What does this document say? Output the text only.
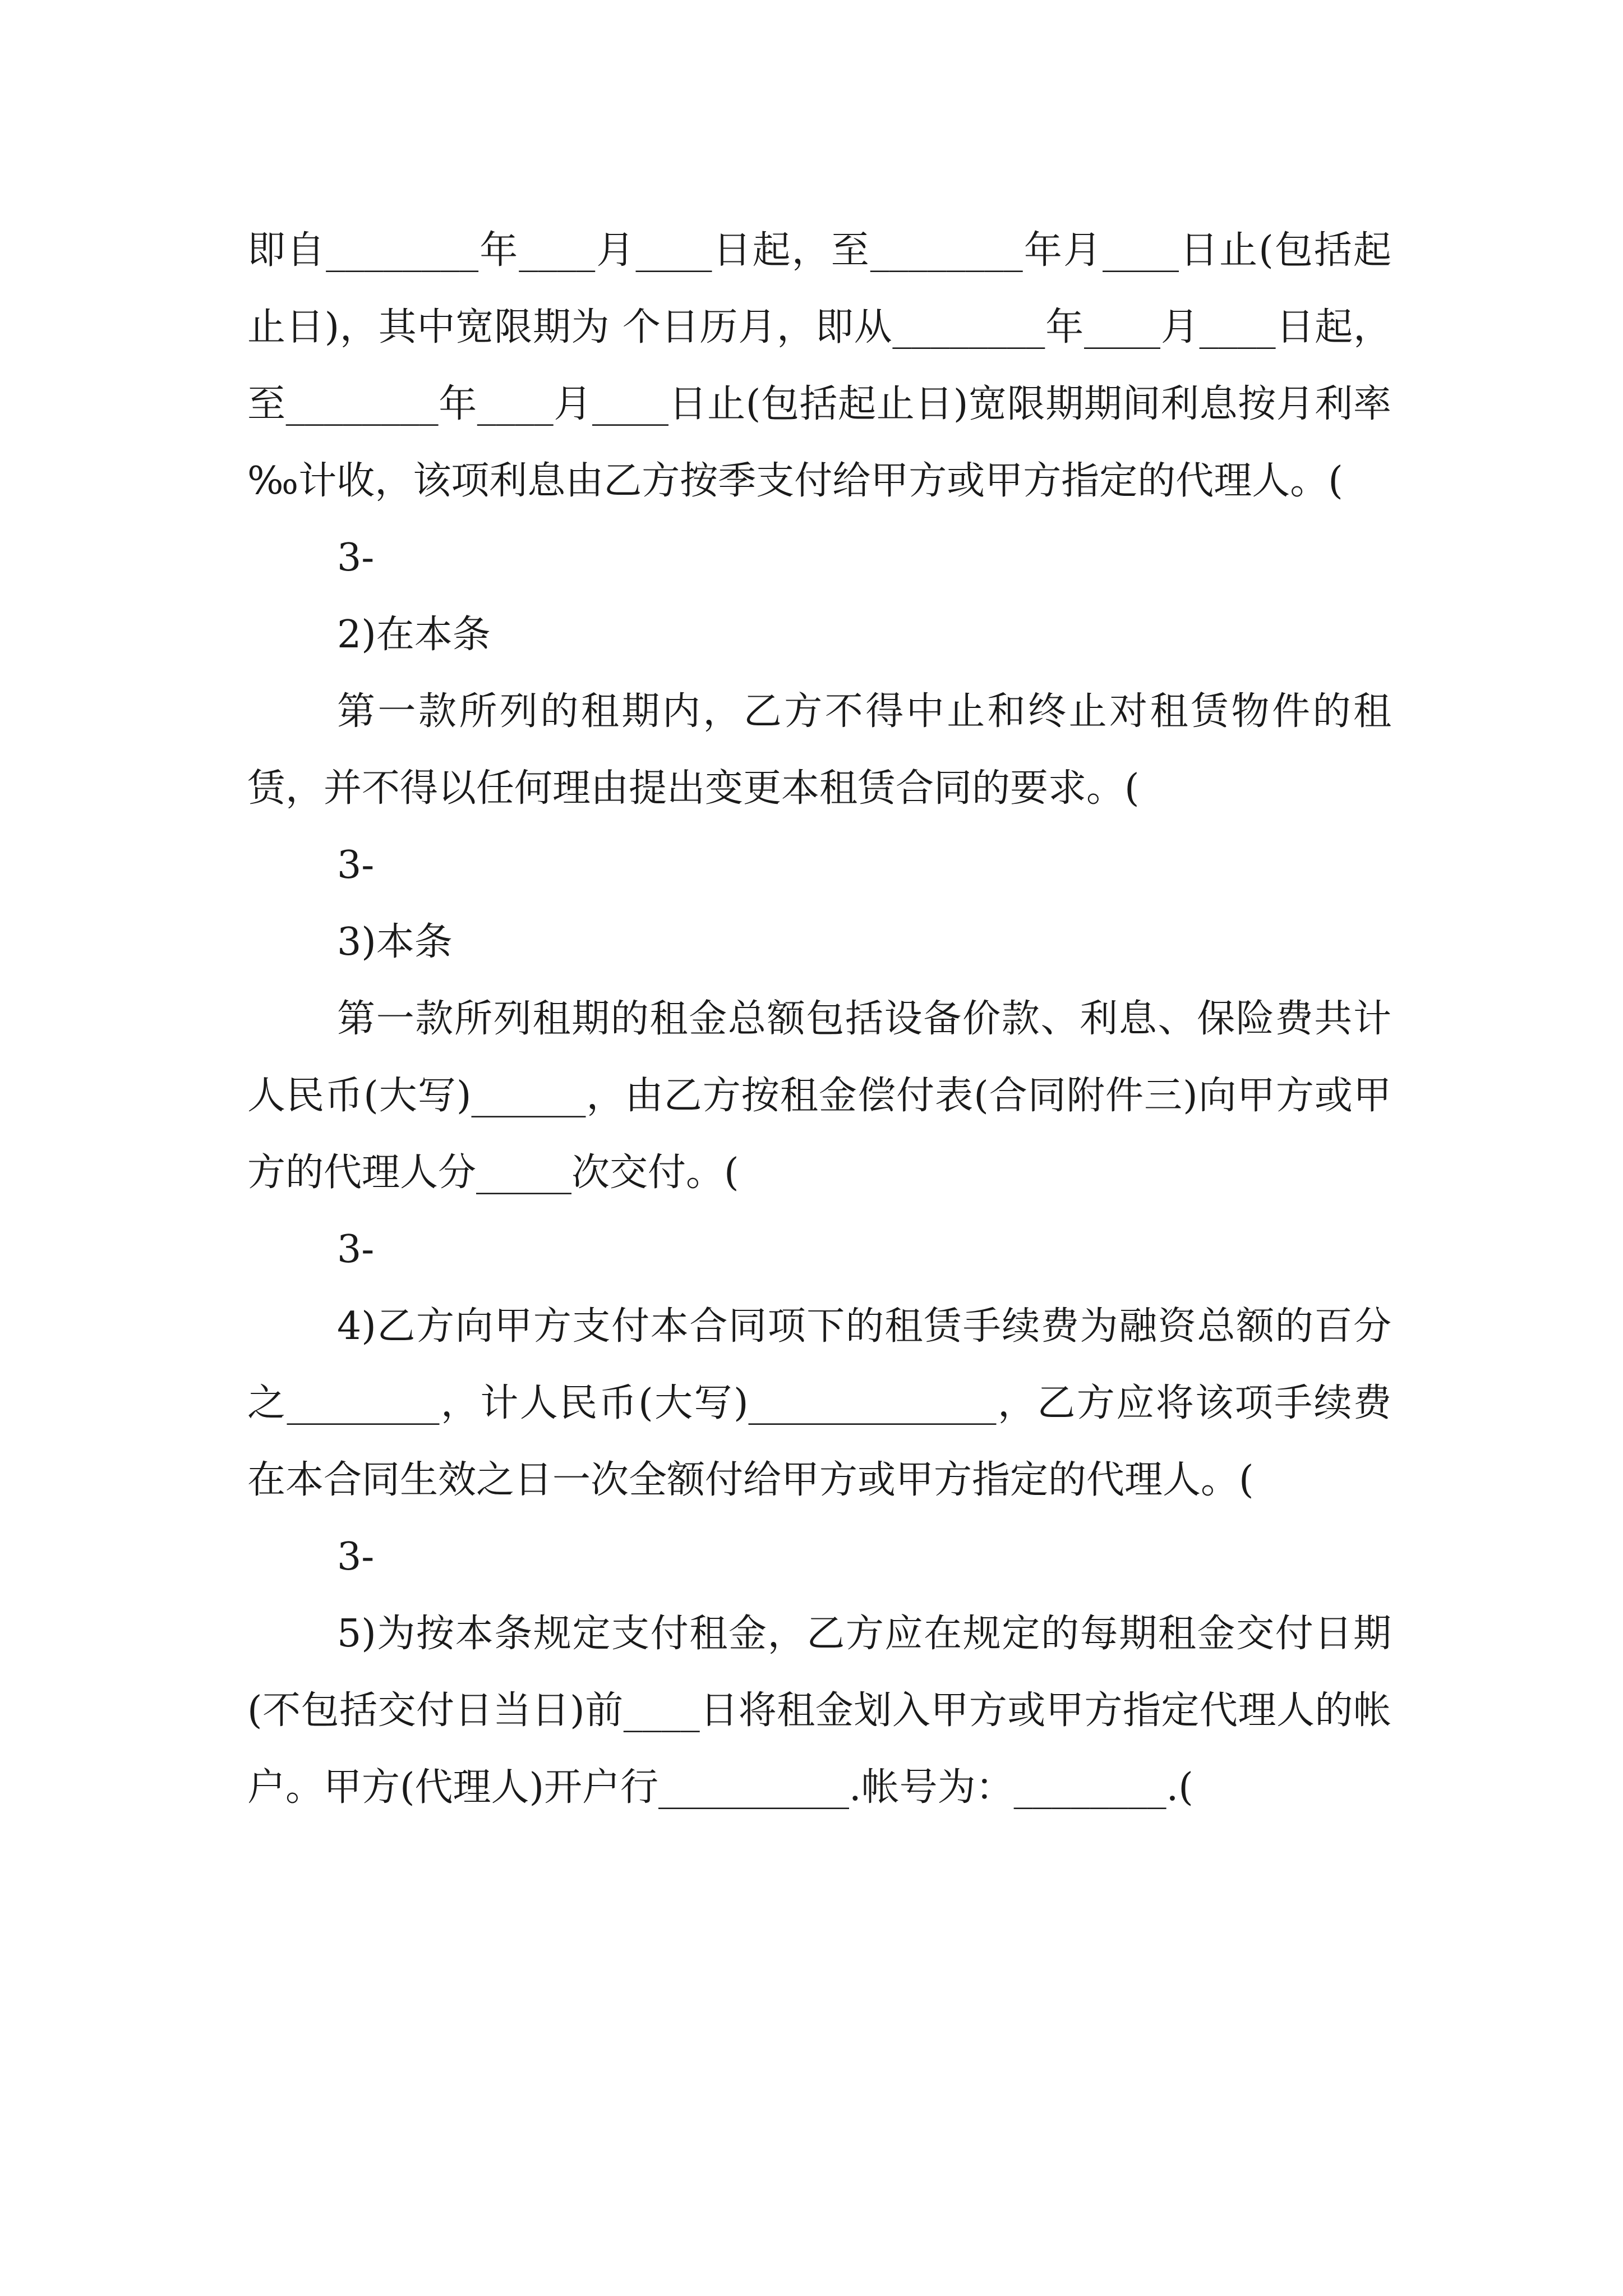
即自________年____月____日起，至________年月____日止(包括起止日)，其中宽限期为 个日历月，即从________年____月____日起，至________年____月____日止(包括起止日)宽限期期间利息按月利率 ‰计收，该项利息由乙方按季支付给甲方或甲方指定的代理人。(

3-

2)在本条

第一款所列的租期内，乙方不得中止和终止对租赁物件的租赁，并不得以任何理由提出变更本租赁合同的要求。(

3-

3)本条

第一款所列租期的租金总额包括设备价款、利息、保险费共计人民币(大写)______，由乙方按租金偿付表(合同附件三)向甲方或甲方的代理人分_____次交付。(

3-

4)乙方向甲方支付本合同项下的租赁手续费为融资总额的百分之________，计人民币(大写)_____________，乙方应将该项手续费在本合同生效之日一次全额付给甲方或甲方指定的代理人。(

3-

5)为按本条规定支付租金，乙方应在规定的每期租金交付日期(不包括交付日当日)前____日将租金划入甲方或甲方指定代理人的帐户。甲方(代理人)开户行__________.帐号为：________.(
